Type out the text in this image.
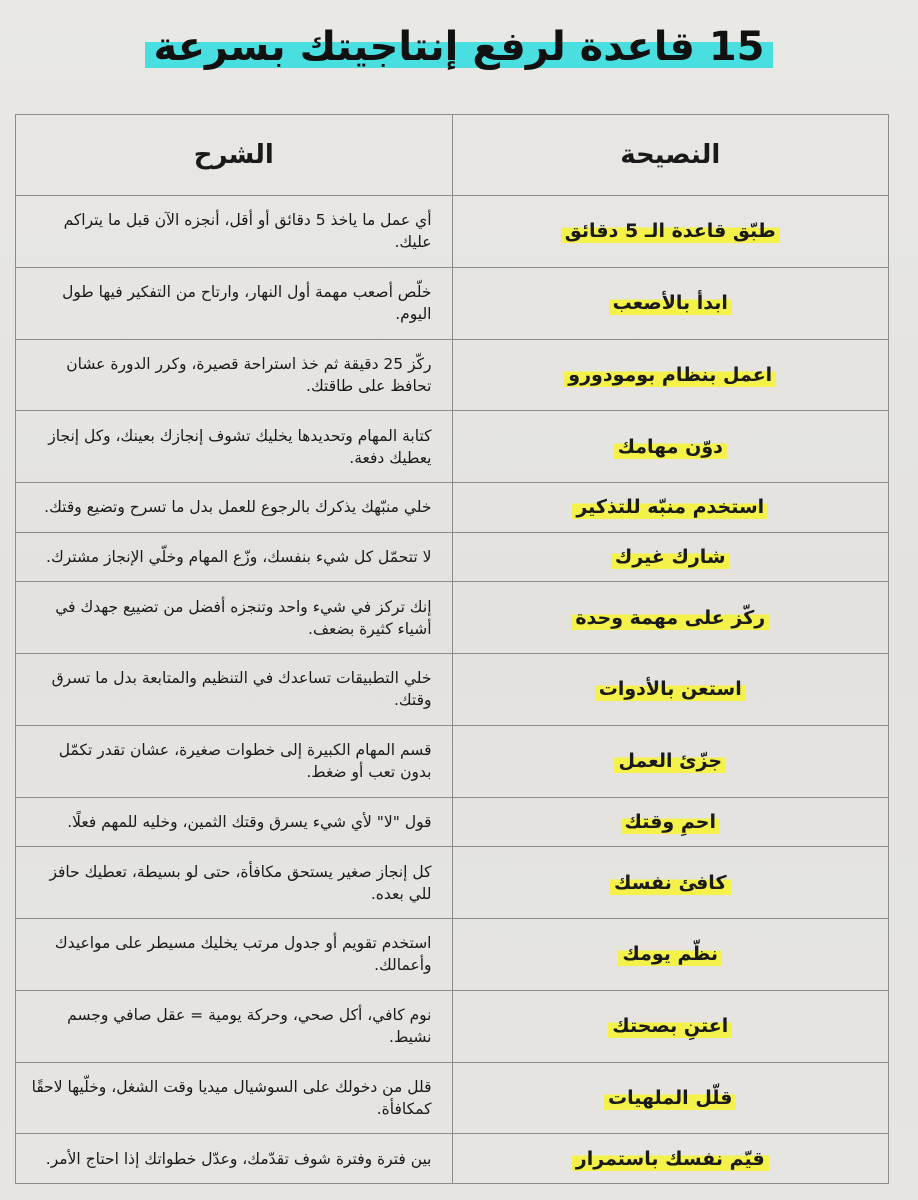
15 قاعدة لرفع إنتاجيتك بسرعة
النصيحة	الشرح
طبّق قاعدة الـ 5 دقائق	أي عمل ما ياخذ 5 دقائق أو أقل، أنجزه الآن قبل ما يتراكم عليك.
ابدأ بالأصعب	خلّص أصعب مهمة أول النهار، وارتاح من التفكير فيها طول اليوم.
اعمل بنظام بومودورو	ركّز 25 دقيقة ثم خذ استراحة قصيرة، وكرر الدورة عشان تحافظ على طاقتك.
دوّن مهامك	كتابة المهام وتحديدها يخليك تشوف إنجازك بعينك، وكل إنجاز يعطيك دفعة.
استخدم منبّه للتذكير	خلي منبّهك يذكرك بالرجوع للعمل بدل ما تسرح وتضيع وقتك.
شارك غيرك	لا تتحمّل كل شيء بنفسك، وزّع المهام وخلّي الإنجاز مشترك.
ركّز على مهمة وحدة	إنك تركز في شيء واحد وتنجزه أفضل من تضييع جهدك في أشياء كثيرة بضعف.
استعن بالأدوات	خلي التطبيقات تساعدك في التنظيم والمتابعة بدل ما تسرق وقتك.
جزّئ العمل	قسم المهام الكبيرة إلى خطوات صغيرة، عشان تقدر تكمّل بدون تعب أو ضغط.
احمِ وقتك	قول "لا" لأي شيء يسرق وقتك الثمين، وخليه للمهم فعلًا.
كافئ نفسك	كل إنجاز صغير يستحق مكافأة، حتى لو بسيطة، تعطيك حافز للي بعده.
نظّم يومك	استخدم تقويم أو جدول مرتب يخليك مسيطر على مواعيدك وأعمالك.
اعتنِ بصحتك	نوم كافي، أكل صحي، وحركة يومية = عقل صافي وجسم نشيط.
قلّل الملهيات	قلل من دخولك على السوشيال ميديا وقت الشغل، وخلّيها لاحقًا كمكافأة.
قيّم نفسك باستمرار	بين فترة وفترة شوف تقدّمك، وعدّل خطواتك إذا احتاج الأمر.
